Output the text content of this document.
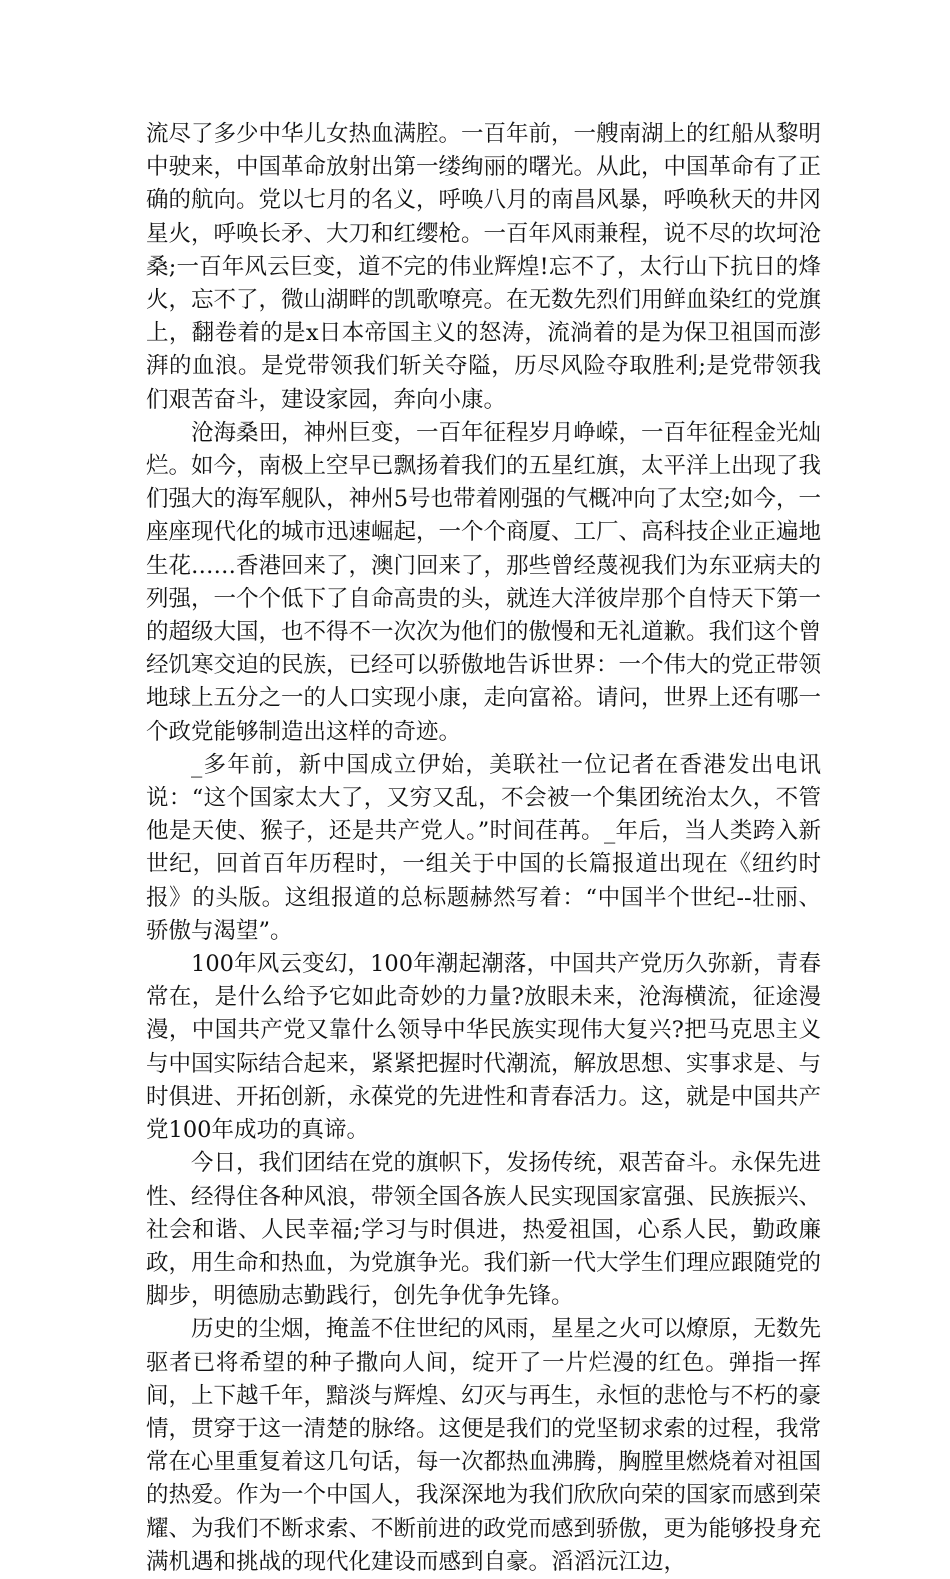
流尽了多少中华儿女热血满腔。一百年前，一艘南湖上的红船从黎明中驶来，中国革命放射出第一缕绚丽的曙光。从此，中国革命有了正确的航向。党以七月的名义，呼唤八月的南昌风暴，呼唤秋天的井冈星火，呼唤长矛、大刀和红缨枪。一百年风雨兼程，说不尽的坎坷沧桑;一百年风云巨变，道不完的伟业辉煌!忘不了，太行山下抗日的烽火，忘不了，微山湖畔的凯歌嘹亮。在无数先烈们用鲜血染红的党旗上，翻卷着的是x日本帝国主义的怒涛，流淌着的是为保卫祖国而澎湃的血浪。是党带领我们斩关夺隘，历尽风险夺取胜利;是党带领我们艰苦奋斗，建设家园，奔向小康。

沧海桑田，神州巨变，一百年征程岁月峥嵘，一百年征程金光灿烂。如今，南极上空早已飘扬着我们的五星红旗，太平洋上出现了我们强大的海军舰队，神州5号也带着刚强的气概冲向了太空;如今，一座座现代化的城市迅速崛起，一个个商厦、工厂、高科技企业正遍地生花……香港回来了，澳门回来了，那些曾经蔑视我们为东亚病夫的列强，一个个低下了自命高贵的头，就连大洋彼岸那个自恃天下第一的超级大国，也不得不一次次为他们的傲慢和无礼道歉。我们这个曾经饥寒交迫的民族，已经可以骄傲地告诉世界：一个伟大的党正带领地球上五分之一的人口实现小康，走向富裕。请问，世界上还有哪一个政党能够制造出这样的奇迹。

_多年前，新中国成立伊始，美联社一位记者在香港发出电讯说：“这个国家太大了，又穷又乱，不会被一个集团统治太久，不管他是天使、猴子，还是共产党人。”时间荏苒。_年后，当人类跨入新世纪，回首百年历程时，一组关于中国的长篇报道出现在《纽约时报》的头版。这组报道的总标题赫然写着：“中国半个世纪--壮丽、骄傲与渴望”。

100年风云变幻，100年潮起潮落，中国共产党历久弥新，青春常在，是什么给予它如此奇妙的力量?放眼未来，沧海横流，征途漫漫，中国共产党又靠什么领导中华民族实现伟大复兴?把马克思主义与中国实际结合起来，紧紧把握时代潮流，解放思想、实事求是、与时俱进、开拓创新，永葆党的先进性和青春活力。这，就是中国共产党100年成功的真谛。

今日，我们团结在党的旗帜下，发扬传统，艰苦奋斗。永保先进性、经得住各种风浪，带领全国各族人民实现国家富强、民族振兴、社会和谐、人民幸福;学习与时俱进，热爱祖国，心系人民，勤政廉政，用生命和热血，为党旗争光。我们新一代大学生们理应跟随党的脚步，明德励志勤践行，创先争优争先锋。

历史的尘烟，掩盖不住世纪的风雨，星星之火可以燎原，无数先驱者已将希望的种子撒向人间，绽开了一片烂漫的红色。弹指一挥间，上下越千年，黯淡与辉煌、幻灭与再生，永恒的悲怆与不朽的豪情，贯穿于这一清楚的脉络。这便是我们的党坚韧求索的过程，我常常在心里重复着这几句话，每一次都热血沸腾，胸膛里燃烧着对祖国的热爱。作为一个中国人，我深深地为我们欣欣向荣的国家而感到荣耀、为我们不断求索、不断前进的政党而感到骄傲，更为能够投身充满机遇和挑战的现代化建设而感到自豪。滔滔沅江边，
